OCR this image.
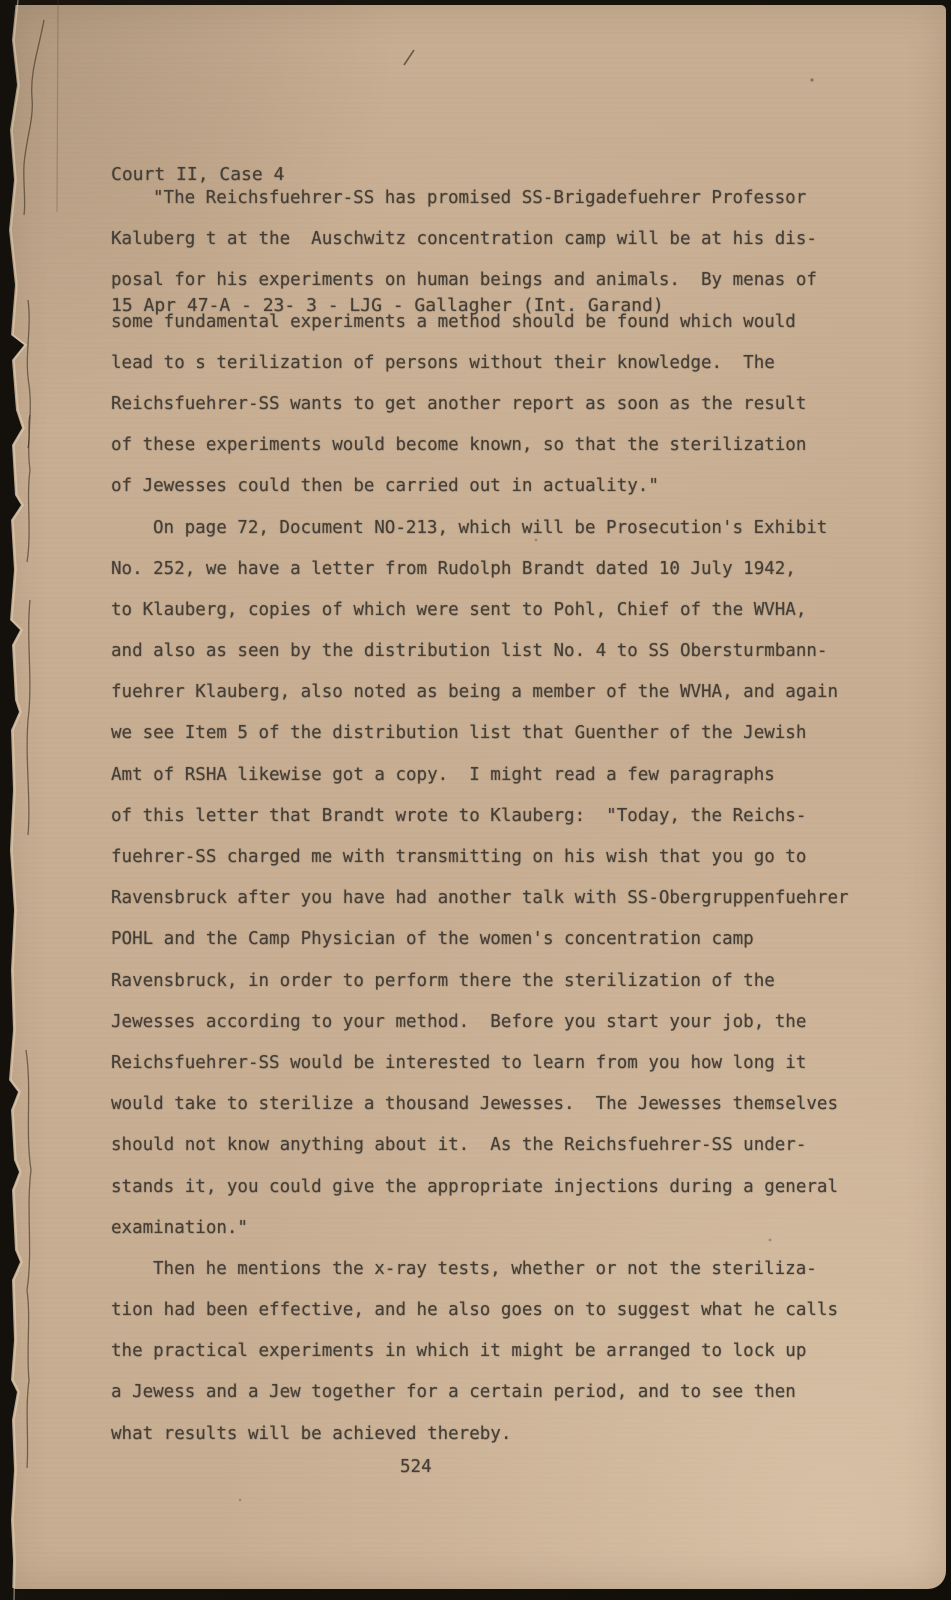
Court II, Case 4

15 Apr 47-A - 23- 3 - LJG - Gallagher (Int. Garand)

"The Reichsfuehrer-SS has promised SS-Brigadefuehrer Professor
Kaluberg t at the  Auschwitz concentration camp will be at his dis-
posal for his experiments on human beings and animals.  By menas of
some fundamental experiments a method should be found which would
lead to s terilization of persons without their knowledge.  The
Reichsfuehrer-SS wants to get another report as soon as the result
of these experiments would become known, so that the sterilization
of Jewesses could then be carried out in actuality."
On page 72, Document NO-213, which will be Prosecution's Exhibit
No. 252, we have a letter from Rudolph Brandt dated 10 July 1942,
to Klauberg, copies of which were sent to Pohl, Chief of the WVHA,
and also as seen by the distribution list No. 4 to SS Obersturmbann-
fuehrer Klauberg, also noted as being a member of the WVHA, and again
we see Item 5 of the distribution list that Guenther of the Jewish
Amt of RSHA likewise got a copy.  I might read a few paragraphs
of this letter that Brandt wrote to Klauberg:  "Today, the Reichs-
fuehrer-SS charged me with transmitting on his wish that you go to
Ravensbruck after you have had another talk with SS-Obergruppenfuehrer
POHL and the Camp Physician of the women's concentration camp
Ravensbruck, in order to perform there the sterilization of the
Jewesses according to your method.  Before you start your job, the
Reichsfuehrer-SS would be interested to learn from you how long it
would take to sterilize a thousand Jewesses.  The Jewesses themselves
should not know anything about it.  As the Reichsfuehrer-SS under-
stands it, you could give the appropriate injections during a general
examination."
Then he mentions the x-ray tests, whether or not the steriliza-
tion had been effective, and he also goes on to suggest what he calls
the practical experiments in which it might be arranged to lock up
a Jewess and a Jew together for a certain period, and to see then
what results will be achieved thereby.
524
